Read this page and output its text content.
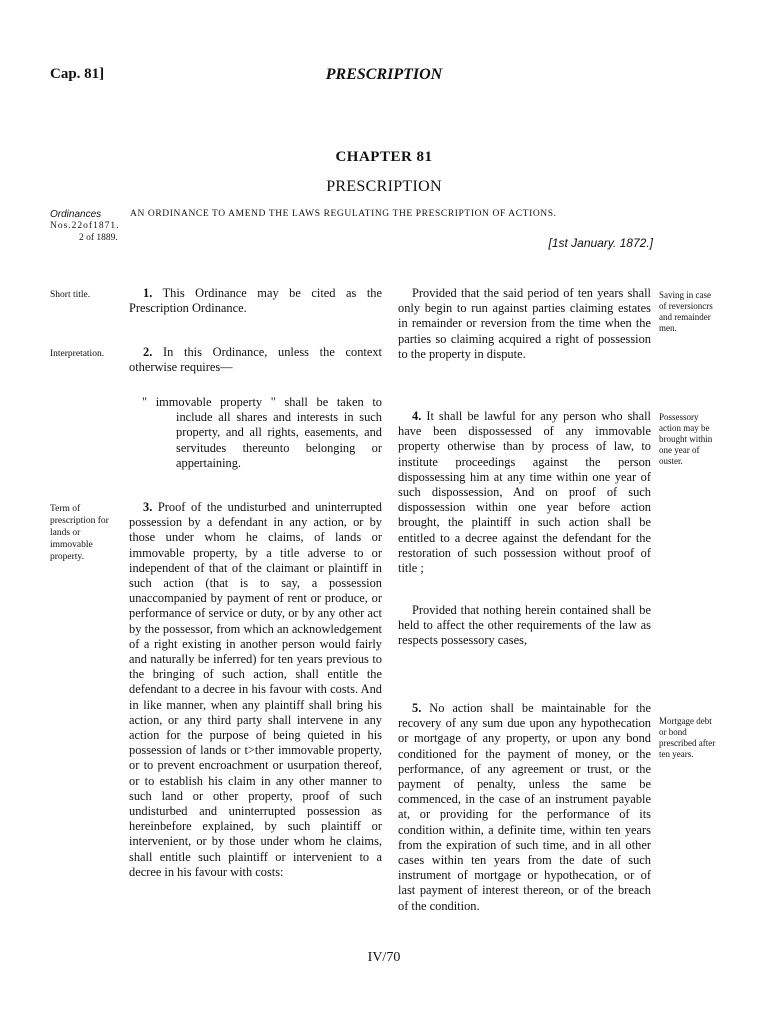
Cap. 81]	PRESCRIPTION
CHAPTER 81
PRESCRIPTION
Ordinances
Nos.22of1871.
2 of 1889.
AN ORDINANCE TO AMEND THE LAWS REGULATING THE PRESCRIPTION OF ACTIONS.
[1st January. 1872.]
Short title.
Interpretation.
Term of prescription for lands or immovable property.
Saving in case of reversioncrs and remainder men.
Possessory action may be brought within one year of ouster.
Mortgage debt or bond prescribed after ten years.
1. This Ordinance may be cited as the Prescription Ordinance.
2. In this Ordinance, unless the context otherwise requires—
" immovable property " shall be taken to include all shares and interests in such property, and all rights, easements, and servitudes thereunto belonging or appertaining.
3. Proof of the undisturbed and uninterrupted possession by a defendant in any action, or by those under whom he claims, of lands or immovable property, by a title adverse to or independent of that of the claimant or plaintiff in such action (that is to say, a possession unaccompanied by payment of rent or produce, or performance of service or duty, or by any other act by the possessor, from which an acknowledgement of a right existing in another person would fairly and naturally be inferred) for ten years previous to the bringing of such action, shall entitle the defendant to a decree in his favour with costs. And in like manner, when any plaintiff shall bring his action, or any third party shall intervene in any action for the purpose of being quieted in his possession of lands or t>ther immovable property, or to prevent encroachment or usurpation thereof, or to establish his claim in any other manner to such land or other property, proof of such undisturbed and uninterrupted possession as hereinbefore explained, by such plaintiff or intervenient, or by those under whom he claims, shall entitle such plaintiff or intervenient to a decree in his favour with costs:
Provided that the said period of ten years shall only begin to run against parties claiming estates in remainder or reversion from the time when the parties so claiming acquired a right of possession to the property in dispute.
4. It shall be lawful for any person who shall have been dispossessed of any immovable property otherwise than by process of law, to institute proceedings against the person dispossessing him at any time within one year of such dispossession, And on proof of such dispossession within one year before action brought, the plaintiff in such action shall be entitled to a decree against the defendant for the restoration of such possession without proof of title ;
Provided that nothing herein contained shall be held to affect the other requirements of the law as respects possessory cases,
5. No action shall be maintainable for the recovery of any sum due upon any hypothecation or mortgage of any property, or upon any bond conditioned for the payment of money, or the performance, of any agreement or trust, or the payment of penalty, unless the same be commenced, in the case of an instrument payable at, or providing for the performance of its condition within, a definite time, within ten years from the expiration of such time, and in all other cases within ten years from the date of such instrument of mortgage or hypothecation, or of last payment of interest thereon, or of the breach of the condition.
IV/70
